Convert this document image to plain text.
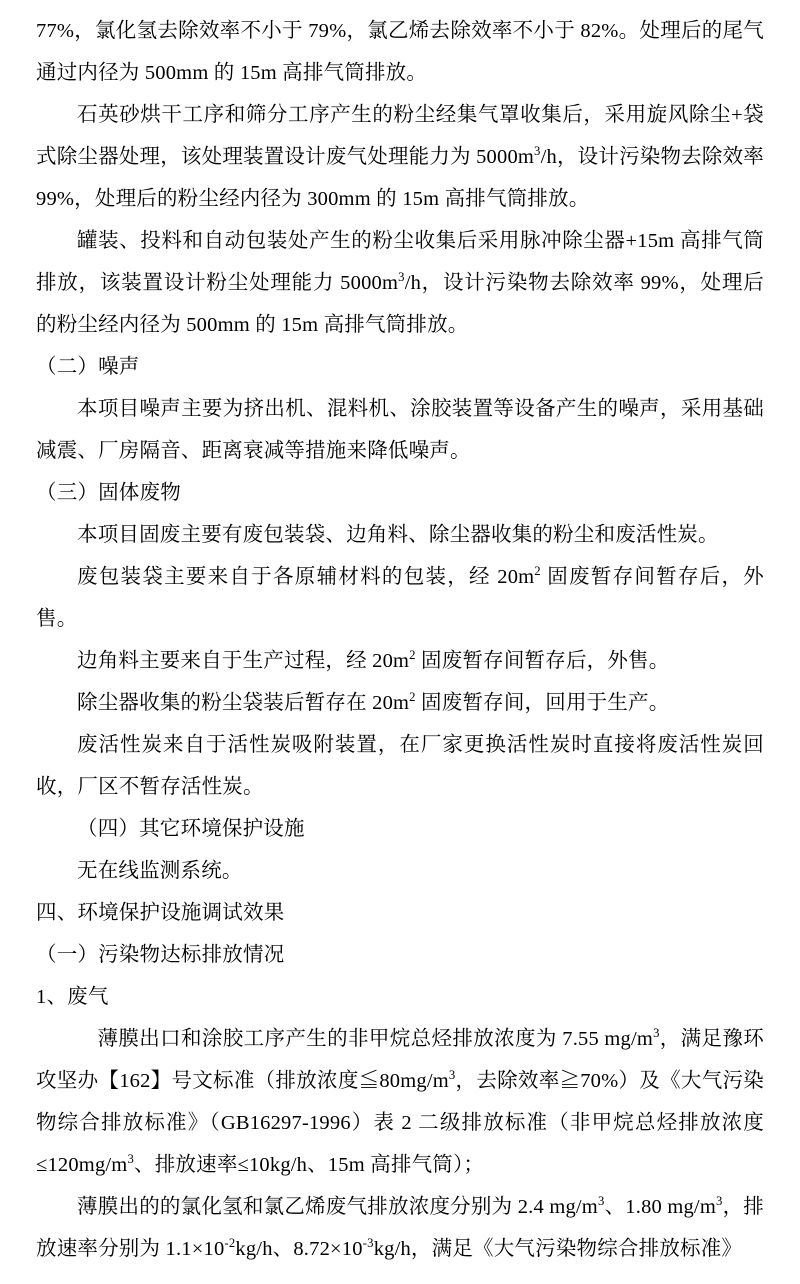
77%，氯化氢去除效率不小于 79%，氯乙烯去除效率不小于 82%。处理后的尾气通过内径为 500mm 的 15m 高排气筒排放。

石英砂烘干工序和筛分工序产生的粉尘经集气罩收集后，采用旋风除尘+袋式除尘器处理，该处理装置设计废气处理能力为 $5000m^3/h$，设计污染物去除效率 99%，处理后的粉尘经内径为 300mm 的 15m 高排气筒排放。

罐装、投料和自动包装处产生的粉尘收集后采用脉冲除尘器+15m 高排气筒排放，该装置设计粉尘处理能力 $5000m^3/h$，设计污染物去除效率 99%，处理后的粉尘经内径为 500mm 的 15m 高排气筒排放。

（二）噪声

本项目噪声主要为挤出机、混料机、涂胶装置等设备产生的噪声，采用基础减震、厂房隔音、距离衰减等措施来降低噪声。

（三）固体废物

本项目固废主要有废包装袋、边角料、除尘器收集的粉尘和废活性炭。

废包装袋主要来自于各原辅材料的包装，经 $20m^2$ 固废暂存间暂存后，外售。

边角料主要来自于生产过程，经 $20m^2$ 固废暂存间暂存后，外售。

除尘器收集的粉尘袋装后暂存在 $20m^2$ 固废暂存间，回用于生产。

废活性炭来自于活性炭吸附装置，在厂家更换活性炭时直接将废活性炭回收，厂区不暂存活性炭。

（四）其它环境保护设施

无在线监测系统。

四、环境保护设施调试效果

（一）污染物达标排放情况

1、废气

薄膜出口和涂胶工序产生的非甲烷总烃排放浓度为 7.55 $mg/m^3$，满足豫环攻坚办【162】号文标准（排放浓度$≦80mg/m^3$，去除效率≧70%）及《大气污染物综合排放标准》（GB16297-1996）表 2 二级排放标准（非甲烷总烃排放浓度$\le 120mg/m^3$、排放速率≤10kg/h、15m 高排气筒）；

薄膜出的的氯化氢和氯乙烯废气排放浓度分别为 2.4 $mg/m^3$、1.80 $mg/m^3$，排放速率分别为 $1.1\times 10^{-2}kg/h$、$8.72\times 10^{-3}kg/h$，满足《大气污染物综合排放标准》
